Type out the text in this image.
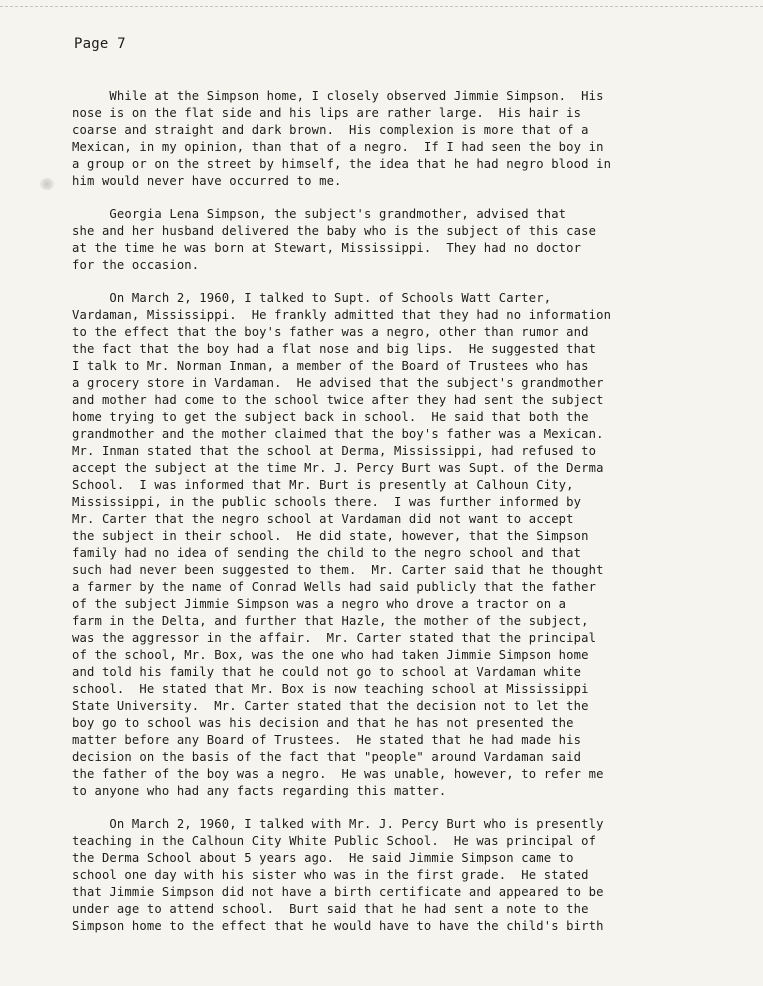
Page 7
While at the Simpson home, I closely observed Jimmie Simpson.  His
nose is on the flat side and his lips are rather large.  His hair is
coarse and straight and dark brown.  His complexion is more that of a
Mexican, in my opinion, than that of a negro.  If I had seen the boy in
a group or on the street by himself, the idea that he had negro blood in
him would never have occurred to me.
Georgia Lena Simpson, the subject's grandmother, advised that
she and her husband delivered the baby who is the subject of this case
at the time he was born at Stewart, Mississippi.  They had no doctor
for the occasion.
On March 2, 1960, I talked to Supt. of Schools Watt Carter,
Vardaman, Mississippi.  He frankly admitted that they had no information
to the effect that the boy's father was a negro, other than rumor and
the fact that the boy had a flat nose and big lips.  He suggested that
I talk to Mr. Norman Inman, a member of the Board of Trustees who has
a grocery store in Vardaman.  He advised that the subject's grandmother
and mother had come to the school twice after they had sent the subject
home trying to get the subject back in school.  He said that both the
grandmother and the mother claimed that the boy's father was a Mexican.
Mr. Inman stated that the school at Derma, Mississippi, had refused to
accept the subject at the time Mr. J. Percy Burt was Supt. of the Derma
School.  I was informed that Mr. Burt is presently at Calhoun City,
Mississippi, in the public schools there.  I was further informed by
Mr. Carter that the negro school at Vardaman did not want to accept
the subject in their school.  He did state, however, that the Simpson
family had no idea of sending the child to the negro school and that
such had never been suggested to them.  Mr. Carter said that he thought
a farmer by the name of Conrad Wells had said publicly that the father
of the subject Jimmie Simpson was a negro who drove a tractor on a
farm in the Delta, and further that Hazle, the mother of the subject,
was the aggressor in the affair.  Mr. Carter stated that the principal
of the school, Mr. Box, was the one who had taken Jimmie Simpson home
and told his family that he could not go to school at Vardaman white
school.  He stated that Mr. Box is now teaching school at Mississippi
State University.  Mr. Carter stated that the decision not to let the
boy go to school was his decision and that he has not presented the
matter before any Board of Trustees.  He stated that he had made his
decision on the basis of the fact that "people" around Vardaman said
the father of the boy was a negro.  He was unable, however, to refer me
to anyone who had any facts regarding this matter.
On March 2, 1960, I talked with Mr. J. Percy Burt who is presently
teaching in the Calhoun City White Public School.  He was principal of
the Derma School about 5 years ago.  He said Jimmie Simpson came to
school one day with his sister who was in the first grade.  He stated
that Jimmie Simpson did not have a birth certificate and appeared to be
under age to attend school.  Burt said that he had sent a note to the
Simpson home to the effect that he would have to have the child's birth
